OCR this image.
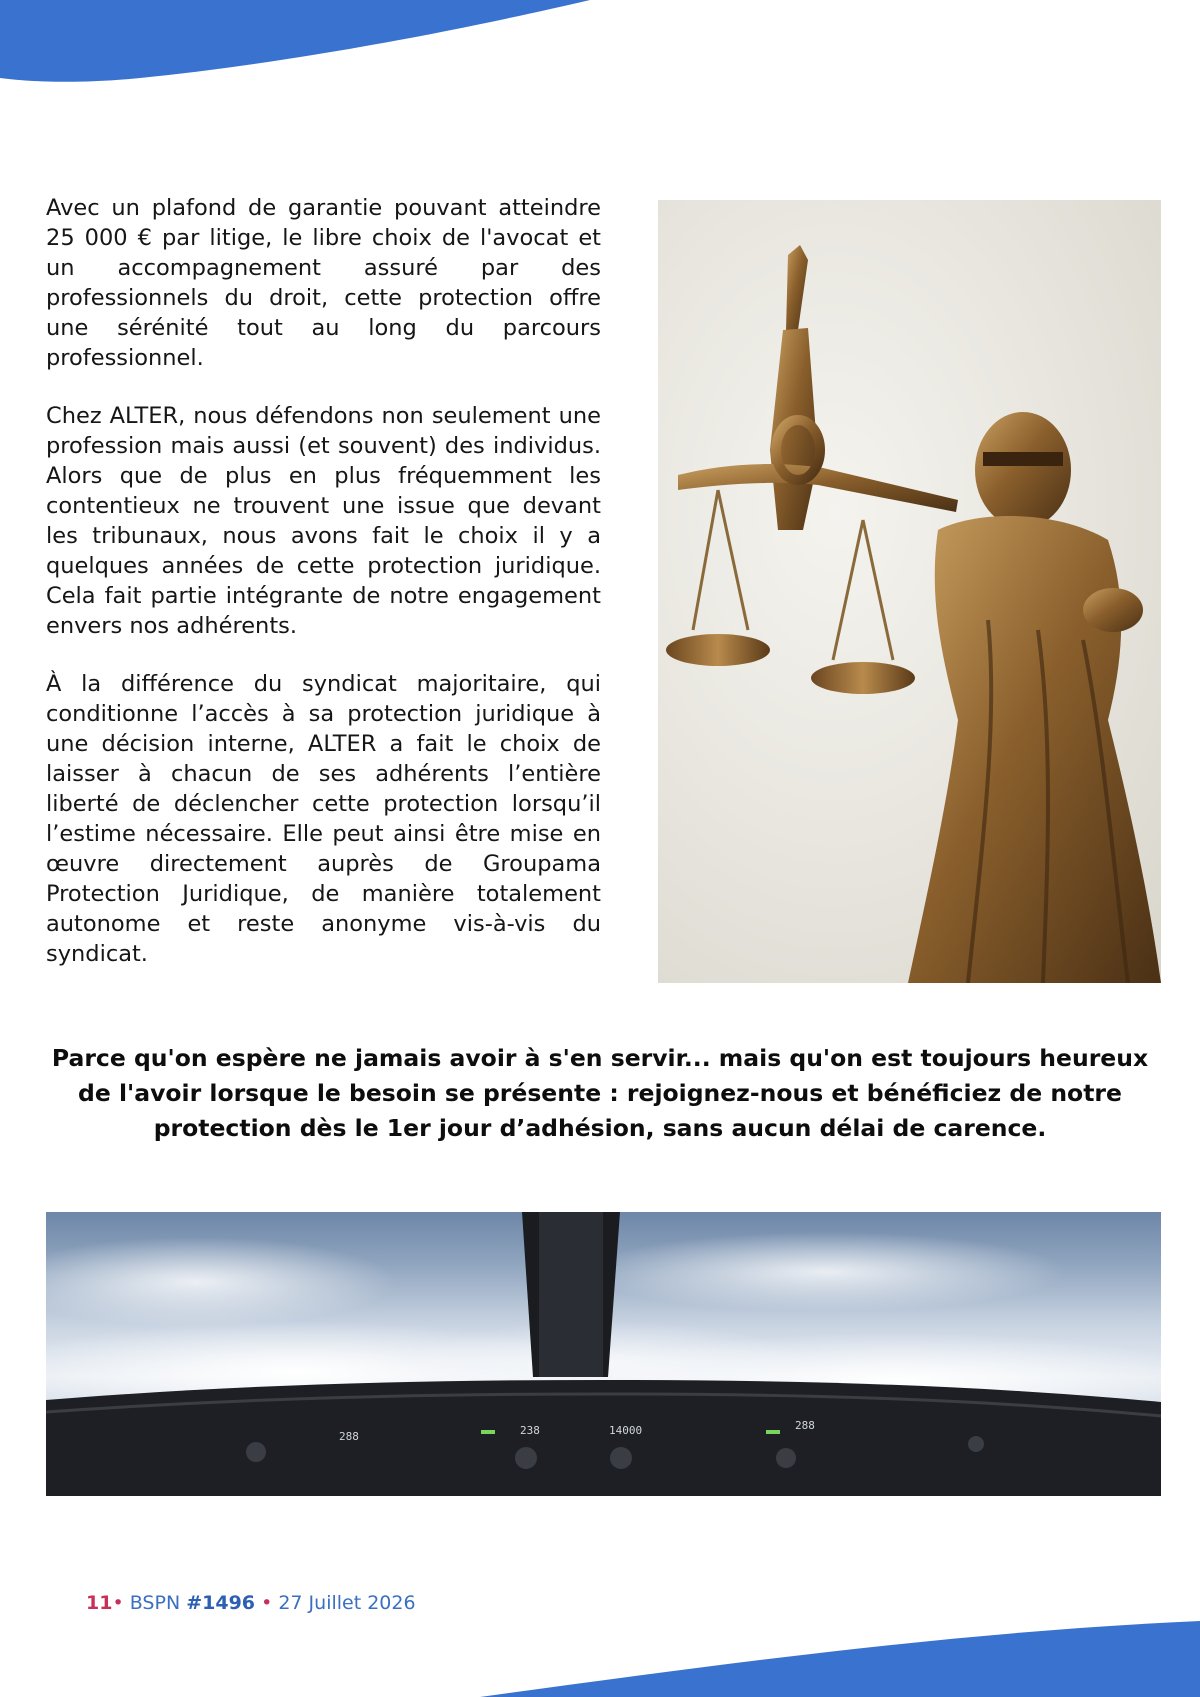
Avec un plafond de garantie pouvant atteindre 25 000 € par litige, le libre choix de l'avocat et un accompagnement assuré par des professionnels du droit, cette protection offre une sérénité tout au long du parcours professionnel.

Chez ALTER, nous défendons non seulement une profession mais aussi (et souvent) des individus. Alors que de plus en plus fréquemment les contentieux ne trouvent une issue que devant les tribunaux, nous avons fait le choix il y a quelques années de cette protection juridique. Cela fait partie intégrante de notre engagement envers nos adhérents.

À la différence du syndicat majoritaire, qui conditionne l’accès à sa protection juridique à une décision interne, ALTER a fait le choix de laisser à chacun de ses adhérents l’entière liberté de déclencher cette protection lorsqu’il l’estime nécessaire. Elle peut ainsi être mise en œuvre directement auprès de Groupama Protection Juridique, de manière totalement autonome et reste anonyme vis-à-vis du syndicat.

Parce qu'on espère ne jamais avoir à s'en servir... mais qu'on est toujours heureux
de l'avoir lorsque le besoin se présente : rejoignez-nous et bénéficiez de notre
protection dès le 1er jour d’adhésion, sans aucun délai de carence.
288	238	14000	288
11• BSPN #1496 • 27 Juillet 2026
